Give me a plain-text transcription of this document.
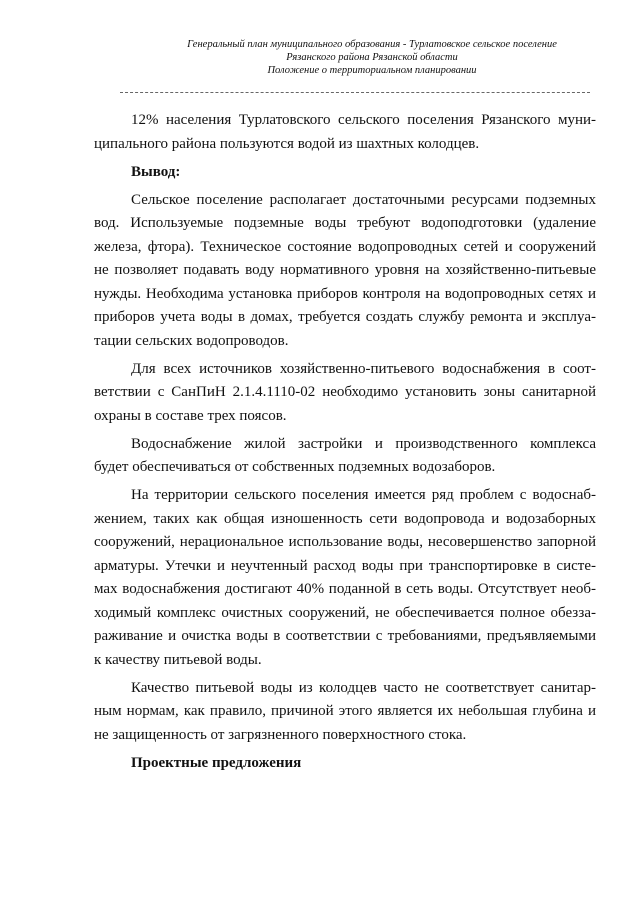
Генеральный план муниципального образования - Турлатовское сельское поселение
Рязанского района Рязанской области
Положение о территориальном планировании

12% населения Турлатовского сельского поселения Рязанского муни-
ципального района пользуются водой из шахтных колодцев.

Вывод:

Сельское поселение располагает достаточными ресурсами подземных
вод. Используемые подземные воды требуют водоподготовки (удаление
железа, фтора). Техническое состояние водопроводных сетей и сооружений
не позволяет подавать воду нормативного уровня на хозяйственно-питьевые
нужды. Необходима установка приборов контроля на водопроводных сетях и
приборов учета воды в домах, требуется создать службу ремонта и эксплуа-
тации сельских водопроводов.

Для всех источников хозяйственно-питьевого водоснабжения в соот-
ветствии с СанПиН 2.1.4.1110-02 необходимо установить зоны санитарной
охраны в составе трех поясов.

Водоснабжение жилой застройки и производственного комплекса
будет обеспечиваться от собственных подземных водозаборов.

На территории сельского поселения имеется ряд проблем с водоснаб-
жением, таких как общая изношенность сети водопровода и водозаборных
сооружений, нерациональное использование воды, несовершенство запорной
арматуры. Утечки и неучтенный расход воды при транспортировке в систе-
мах водоснабжения достигают 40% поданной в сеть воды. Отсутствует необ-
ходимый комплекс очистных сооружений, не обеспечивается полное обезза-
раживание и очистка воды в соответствии с требованиями, предъявляемыми
к качеству питьевой воды.

Качество питьевой воды из колодцев часто не соответствует санитар-
ным нормам, как правило, причиной этого является их небольшая глубина и
не защищенность от загрязненного поверхностного стока.

Проектные предложения
